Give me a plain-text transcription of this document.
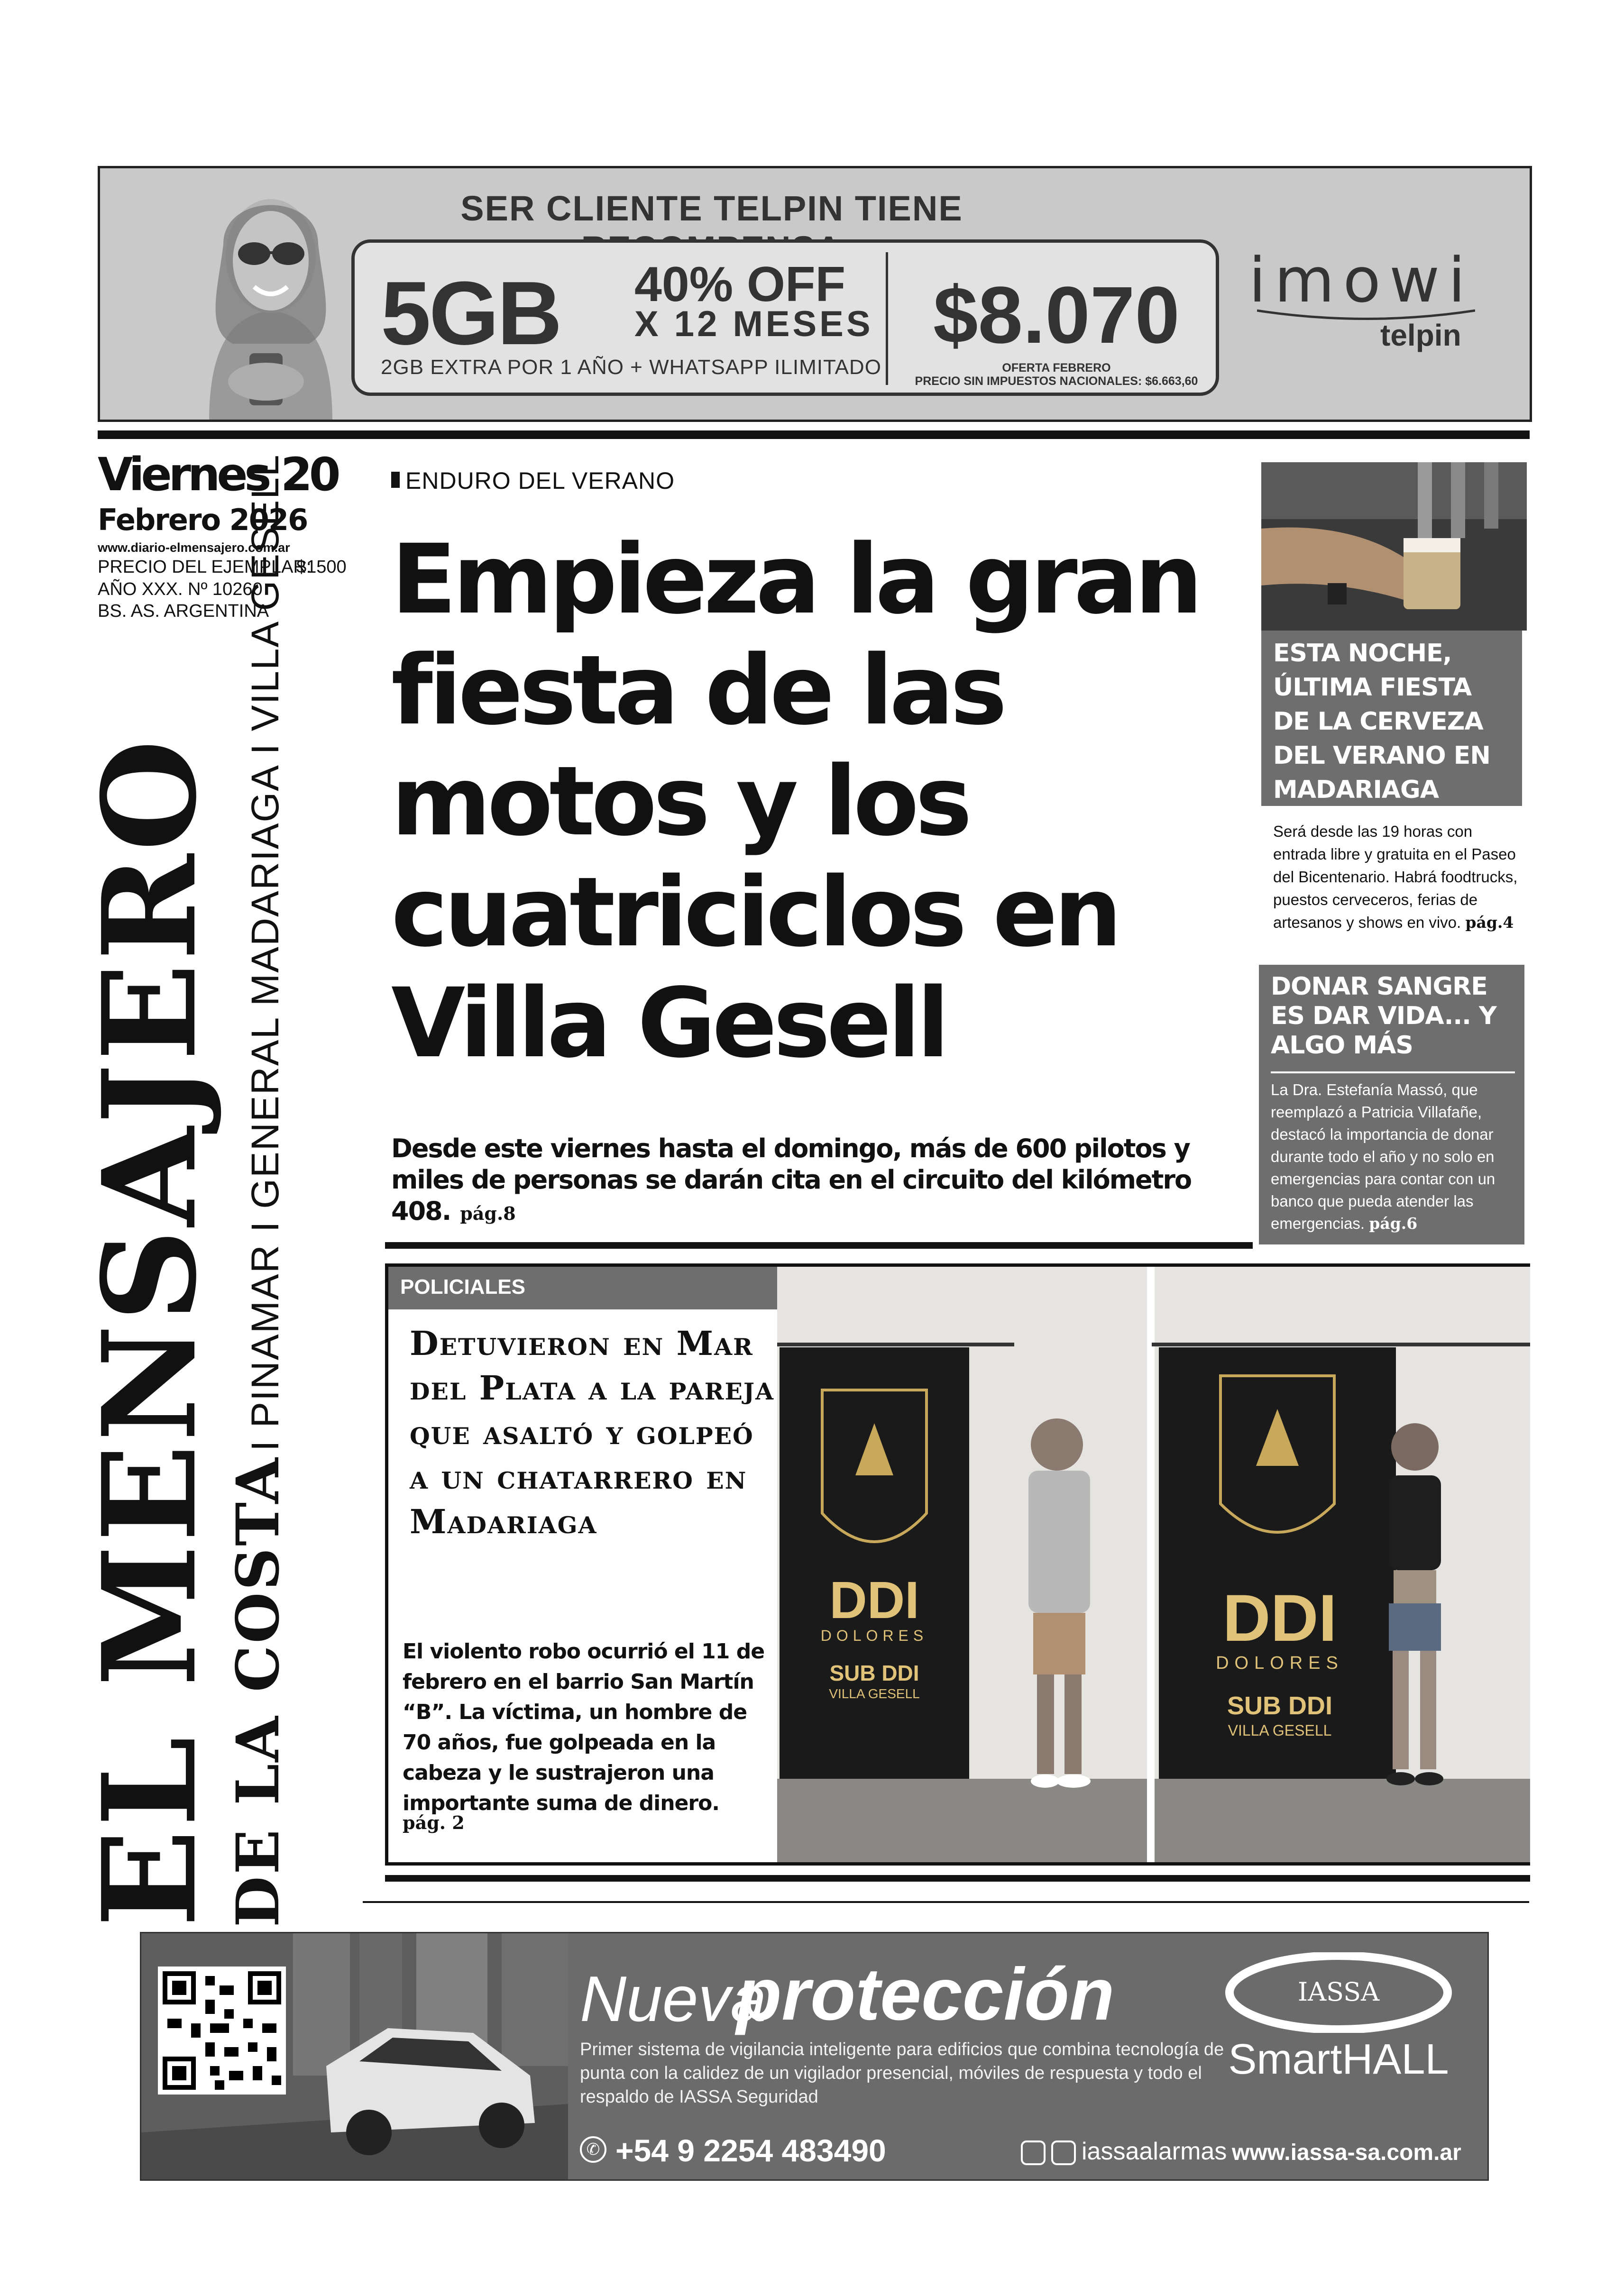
SER CLIENTE TELPIN TIENE
5GB 40% OFF
X 12 MESES
2GB EXTRA POR 1 AÑO + WHATSAPP ILIMITADO
$8.070
OFERTA FEBRERO
PRECIO SIN IMPUESTOS NACIONALES: $6.663,60
imowi
telpin
Viernes 20
Febrero 2026
www.diario-elmensajero.com.ar
PRECIO DEL EJEMPLAR:
$1500
AÑO XXX. Nº 10260
BS. AS. ARGENTINA
EL MENSAJERO
DE LA COSTAI PINAMAR I GENERAL MADARIAGA I VILLA GESELL	ENDURO DEL VERANO
Empieza la gran fiesta de las motos y los cuatriciclos en Villa Gesell
Desde este viernes hasta el domingo, más de 600 pilotos y miles de personas se darán cita en el circuito del kilómetro 408. pág.8
ESTA NOCHE, ÚLTIMA FIESTA DE LA CERVEZA DEL VERANO EN MADARIAGA
Será desde las 19 horas con entrada libre y gratuita en el Paseo del Bicentenario. Habrá foodtrucks, puestos cerveceros, ferias de artesanos y shows en vivo. pág.4
DONAR SANGRE ES DAR VIDA... Y ALGO MÁS
La Dra. Estefanía Massó, que reemplazó a Patricia Villafañe, destacó la importancia de donar durante todo el año y no solo en emergencias para contar con un banco que pueda atender las emergencias. pág.6
POLICIALES
Detuvieron en Mar del Plata a la pareja que asaltó y golpeó a un chatarrero en Madariaga
El violento robo ocurrió el 11 de febrero en el barrio San Martín “B”. La víctima, un hombre de 70 años, fue golpeada en la cabeza y le sustrajeron una importante suma de dinero.
pág. 2
DDI
DOLORES
SUB DDI
VILLA GESELL
DDI
DOLORES
SUB DDI
VILLA GESELL
Nueva
protección
Primer sistema de vigilancia inteligente para edificios que combina tecnología de punta con la calidez de un vigilador presencial, móviles de respuesta y todo el respaldo de IASSA Seguridad
✆ +54 9 2254 483490	iassaalarmas www.iassa-sa.com.ar
IASSA
SmartHALL
